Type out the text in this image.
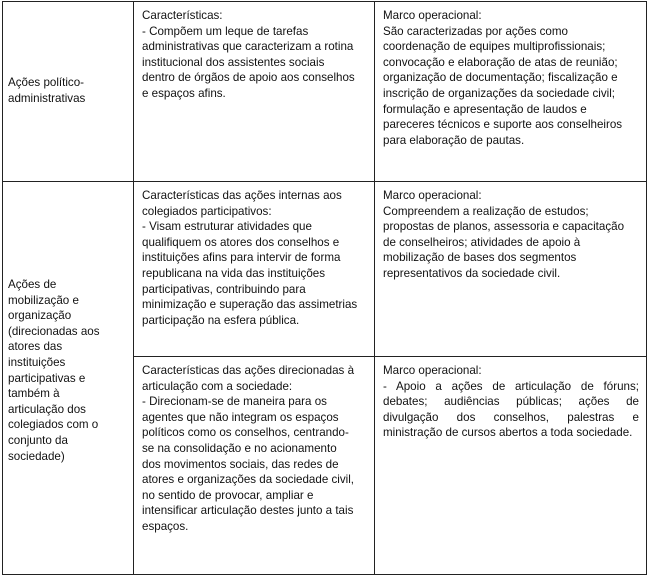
Ações político-
administrativas
Características:
- Compõem um leque de tarefas
administrativas que caracterizam a rotina
institucional dos assistentes sociais
dentro de órgãos de apoio aos conselhos
e espaços afins.
Marco operacional:
São caracterizadas por ações como
coordenação de equipes multiprofissionais;
convocação e elaboração de atas de reunião;
organização de documentação; fiscalização e
inscrição de organizações da sociedade civil;
formulação e apresentação de laudos e
pareceres técnicos e suporte aos conselheiros
para elaboração de pautas.
Ações de
mobilização e
organização
(direcionadas aos
atores das
instituições
participativas e
também à
articulação dos
colegiados com o
conjunto da
sociedade)
Características das ações internas aos
colegiados participativos:
- Visam estruturar atividades que
qualifiquem os atores dos conselhos e
instituições afins para intervir de forma
republicana na vida das instituições
participativas, contribuindo para
minimização e superação das assimetrias
participação na esfera pública.
Marco operacional:
Compreendem a realização de estudos;
propostas de planos, assessoria e capacitação
de conselheiros; atividades de apoio à
mobilização de bases dos segmentos
representativos da sociedade civil.
Características das ações direcionadas à
articulação com a sociedade:
- Direcionam-se de maneira para os
agentes que não integram os espaços
políticos como os conselhos, centrando-
se na consolidação e no acionamento
dos movimentos sociais, das redes de
atores e organizações da sociedade civil,
no sentido de provocar, ampliar e
intensificar articulação destes junto a tais
espaços.
Marco operacional:
- Apoio a ações de articulação de fóruns; debates; audiências públicas; ações de divulgação dos conselhos, palestras e ministração de cursos abertos a toda sociedade.
